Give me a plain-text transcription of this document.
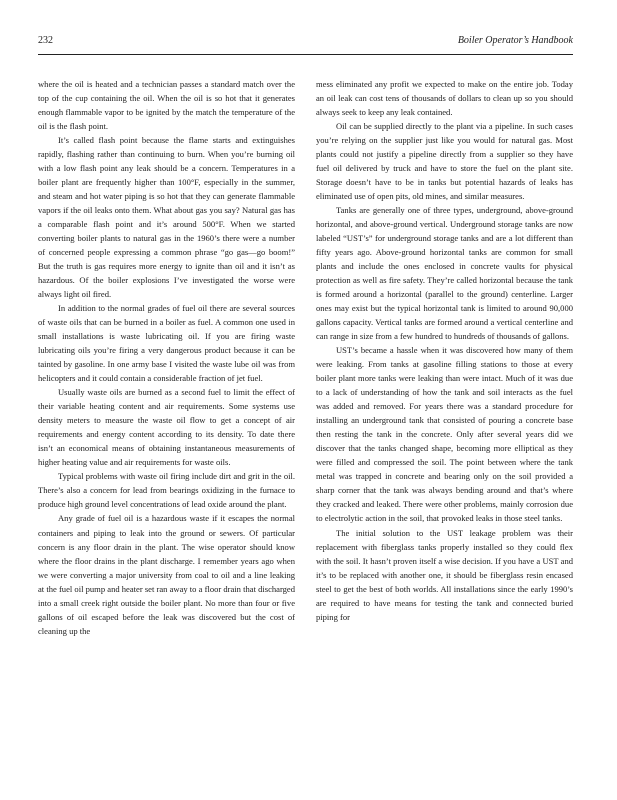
232	Boiler Operator’s Handbook

where the oil is heated and a technician passes a standard match over the top of the cup containing the oil. When the oil is so hot that it generates enough flammable vapor to be ignited by the match the temperature of the oil is the flash point.

It’s called flash point because the flame starts and extinguishes rapidly, flashing rather than continuing to burn. When you’re burning oil with a low flash point any leak should be a concern. Temperatures in a boiler plant are frequently higher than 100°F, especially in the summer, and steam and hot water piping is so hot that they can generate flammable vapors if the oil leaks onto them. What about gas you say? Natural gas has a comparable flash point and it’s around 500°F. When we started converting boiler plants to natural gas in the 1960’s there were a number of concerned people expressing a common phrase “go gas—go boom!” But the truth is gas requires more energy to ignite than oil and it isn’t as hazardous. Of the boiler explosions I’ve investigated the worse were always light oil fired.

In addition to the normal grades of fuel oil there are several sources of waste oils that can be burned in a boiler as fuel. A common one used in small installations is waste lubricating oil. If you are firing waste lubricating oils you’re firing a very dangerous product because it can be tainted by gasoline. In one army base I visited the waste lube oil was from helicopters and it could contain a considerable fraction of jet fuel.

Usually waste oils are burned as a second fuel to limit the effect of their variable heating content and air requirements. Some systems use density meters to measure the waste oil flow to get a concept of air requirements and energy content according to its density. To date there isn’t an economical means of obtaining instantaneous measurements of higher heating value and air requirements for waste oils.

Typical problems with waste oil firing include dirt and grit in the oil. There’s also a concern for lead from bearings oxidizing in the furnace to produce high ground level concentrations of lead oxide around the plant.

Any grade of fuel oil is a hazardous waste if it escapes the normal containers and piping to leak into the ground or sewers. Of particular concern is any floor drain in the plant. The wise operator should know where the floor drains in the plant discharge. I remember years ago when we were converting a major university from coal to oil and a line leaking at the fuel oil pump and heater set ran away to a floor drain that discharged into a small creek right outside the boiler plant. No more than four or five gallons of oil escaped before the leak was discovered but the cost of cleaning up the

mess eliminated any profit we expected to make on the entire job. Today an oil leak can cost tens of thousands of dollars to clean up so you should always seek to keep any leak contained.

Oil can be supplied directly to the plant via a pipeline. In such cases you’re relying on the supplier just like you would for natural gas. Most plants could not justify a pipeline directly from a supplier so they have fuel oil delivered by truck and have to store the fuel on the plant site. Storage doesn’t have to be in tanks but potential hazards of leaks has eliminated use of open pits, old mines, and similar measures.

Tanks are generally one of three types, underground, above-ground horizontal, and above-ground vertical. Underground storage tanks are now labeled “UST’s” for underground storage tanks and are a lot different than fifty years ago. Above-ground horizontal tanks are common for small plants and include the ones enclosed in concrete vaults for physical protection as well as fire safety. They’re called horizontal because the tank is formed around a horizontal (parallel to the ground) centerline. Larger ones may exist but the typical horizontal tank is limited to around 90,000 gallons capacity. Vertical tanks are formed around a vertical centerline and can range in size from a few hundred to hundreds of thousands of gallons.

UST’s became a hassle when it was discovered how many of them were leaking. From tanks at gasoline filling stations to those at every boiler plant more tanks were leaking than were intact. Much of it was due to a lack of understanding of how the tank and soil interacts as the fuel was added and removed. For years there was a standard procedure for installing an underground tank that consisted of pouring a concrete base then resting the tank in the concrete. Only after several years did we discover that the tanks changed shape, becoming more elliptical as they were filled and compressed the soil. The point between where the tank metal was trapped in concrete and bearing only on the soil provided a sharp corner that the tank was always bending around and that’s where they cracked and leaked. There were other problems, mainly corrosion due to electrolytic action in the soil, that provoked leaks in those steel tanks.

The initial solution to the UST leakage problem was their replacement with fiberglass tanks properly installed so they could flex with the soil. It hasn’t proven itself a wise decision. If you have a UST and it’s to be replaced with another one, it should be fiberglass resin encased steel to get the best of both worlds. All installations since the early 1990’s are required to have means for testing the tank and connected buried piping for
